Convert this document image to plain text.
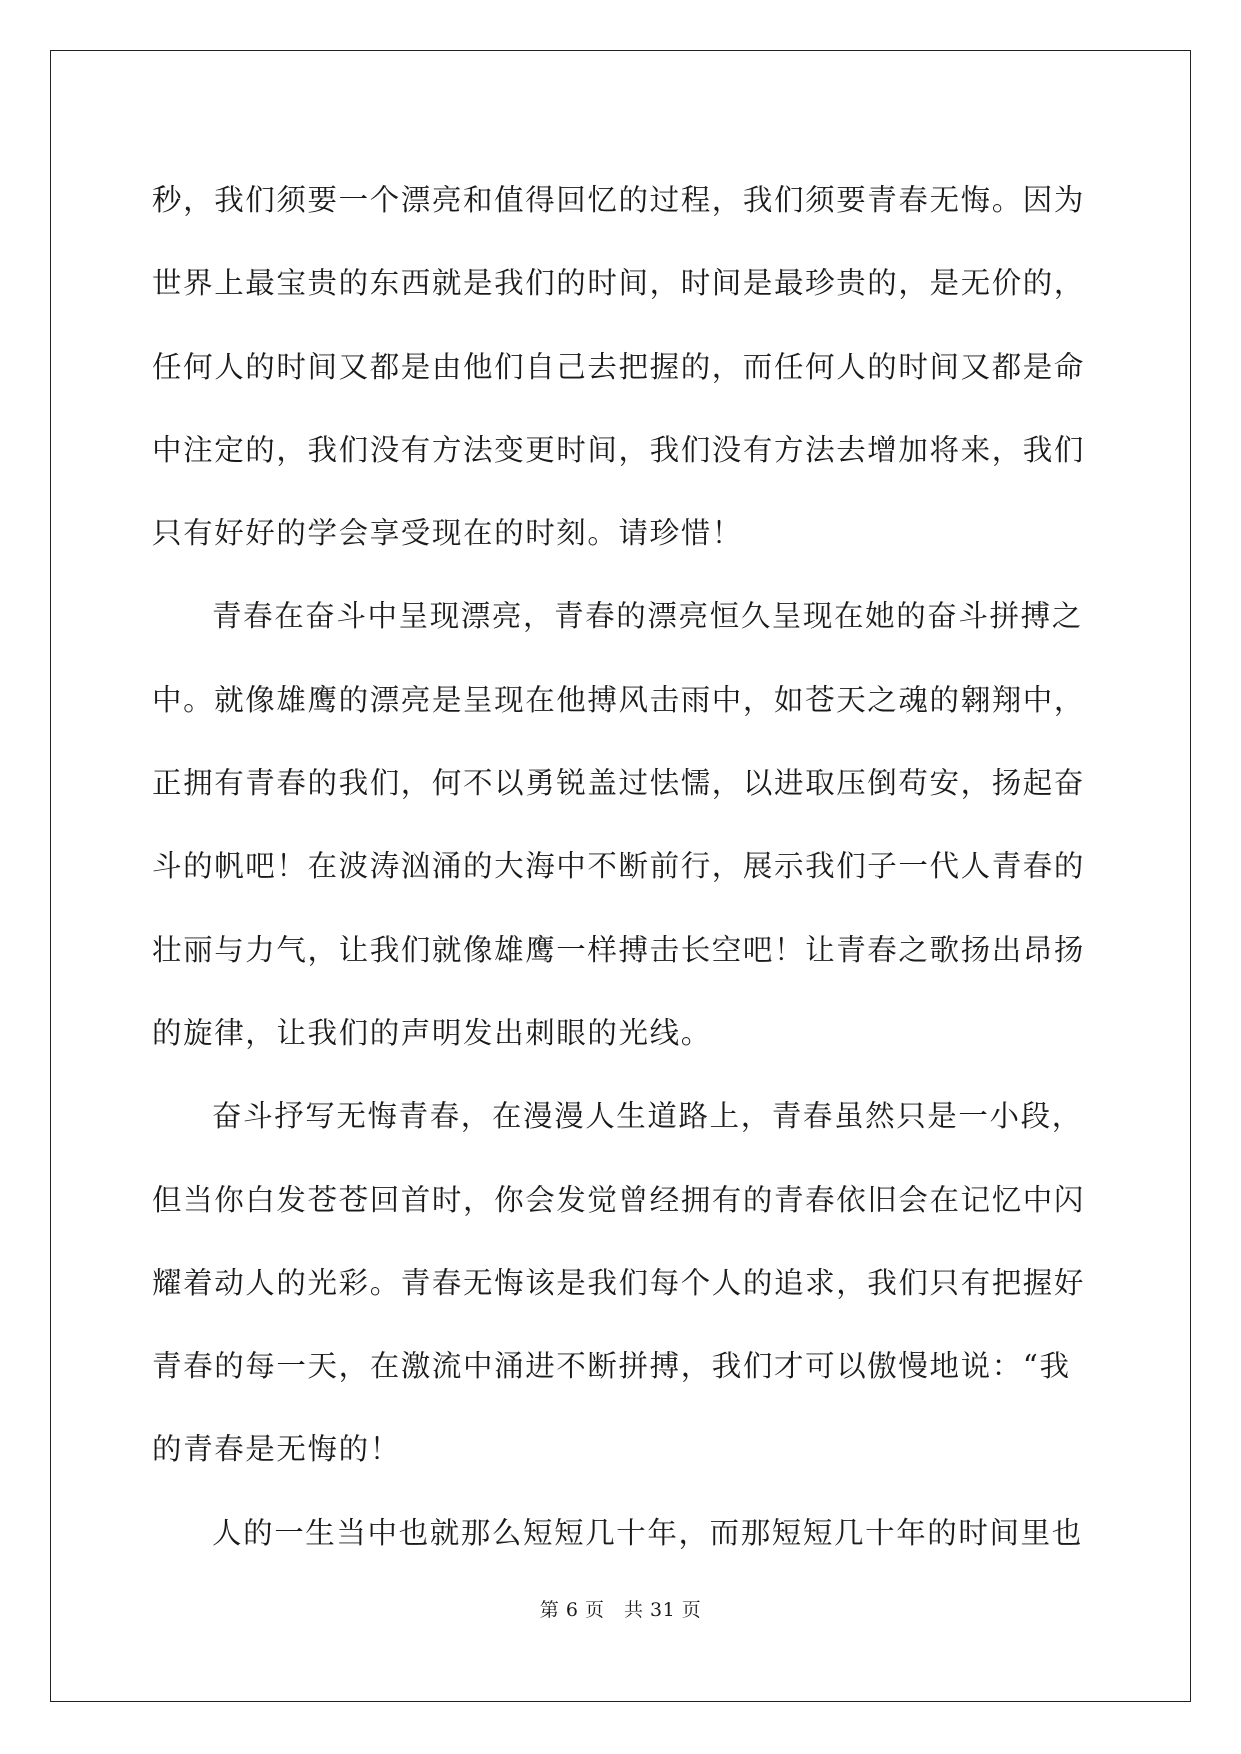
秒，我们须要一个漂亮和值得回忆的过程，我们须要青春无悔。因为
世界上最宝贵的东西就是我们的时间，时间是最珍贵的，是无价的，
任何人的时间又都是由他们自己去把握的，而任何人的时间又都是命
中注定的，我们没有方法变更时间，我们没有方法去增加将来，我们
只有好好的学会享受现在的时刻。请珍惜！
青春在奋斗中呈现漂亮，青春的漂亮恒久呈现在她的奋斗拼搏之
中。就像雄鹰的漂亮是呈现在他搏风击雨中，如苍天之魂的翱翔中，
正拥有青春的我们，何不以勇锐盖过怯懦，以进取压倒苟安，扬起奋
斗的帆吧！在波涛汹涌的大海中不断前行，展示我们子一代人青春的
壮丽与力气，让我们就像雄鹰一样搏击长空吧！让青春之歌扬出昂扬
的旋律，让我们的声明发出刺眼的光线。
奋斗抒写无悔青春，在漫漫人生道路上，青春虽然只是一小段，
但当你白发苍苍回首时，你会发觉曾经拥有的青春依旧会在记忆中闪
耀着动人的光彩。青春无悔该是我们每个人的追求，我们只有把握好
青春的每一天，在激流中涌进不断拼搏，我们才可以傲慢地说：“我
的青春是无悔的！
人的一生当中也就那么短短几十年，而那短短几十年的时间里也
第 6 页　共 31 页
